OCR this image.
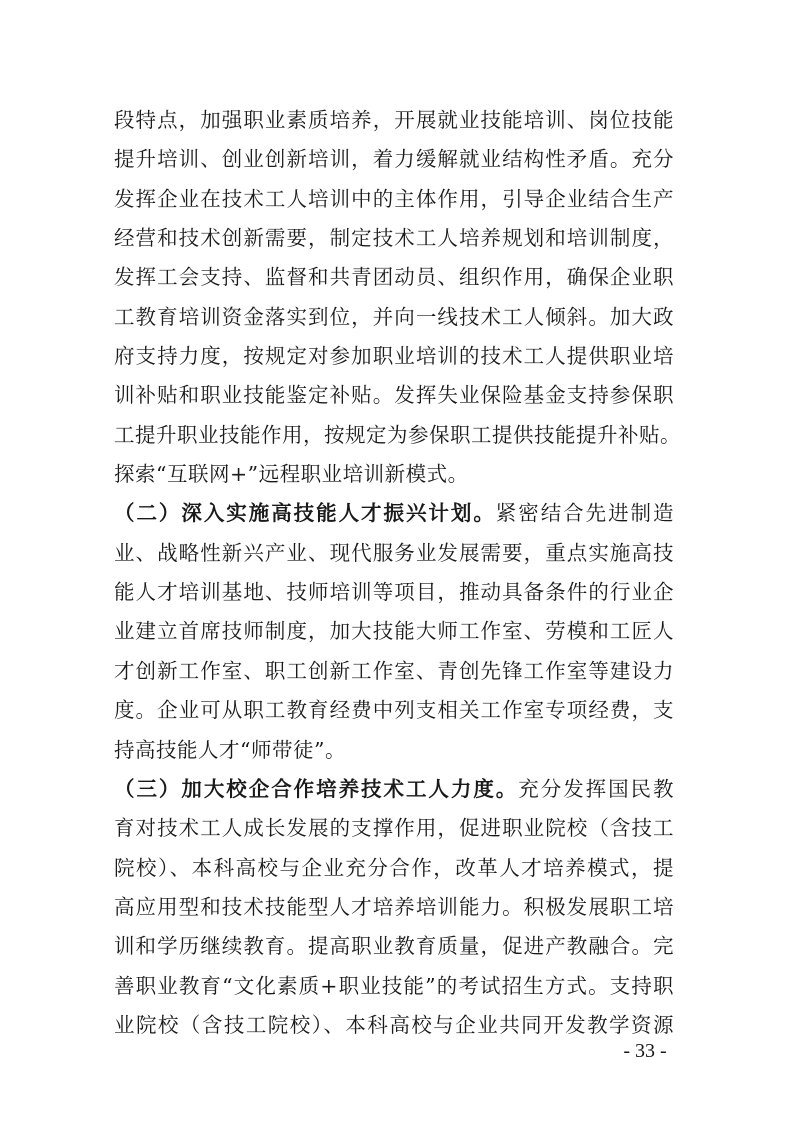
段特点，加强职业素质培养，开展就业技能培训、岗位技能
提升培训、创业创新培训，着力缓解就业结构性矛盾。充分
发挥企业在技术工人培训中的主体作用，引导企业结合生产
经营和技术创新需要，制定技术工人培养规划和培训制度，
发挥工会支持、监督和共青团动员、组织作用，确保企业职
工教育培训资金落实到位，并向一线技术工人倾斜。加大政
府支持力度，按规定对参加职业培训的技术工人提供职业培
训补贴和职业技能鉴定补贴。发挥失业保险基金支持参保职
工提升职业技能作用，按规定为参保职工提供技能提升补贴。
探索“互联网+”远程职业培训新模式。
（二）深入实施高技能人才振兴计划。紧密结合先进制造
业、战略性新兴产业、现代服务业发展需要，重点实施高技
能人才培训基地、技师培训等项目，推动具备条件的行业企
业建立首席技师制度，加大技能大师工作室、劳模和工匠人
才创新工作室、职工创新工作室、青创先锋工作室等建设力
度。企业可从职工教育经费中列支相关工作室专项经费，支
持高技能人才“师带徒”。
（三）加大校企合作培养技术工人力度。充分发挥国民教
育对技术工人成长发展的支撑作用，促进职业院校（含技工
院校）、本科高校与企业充分合作，改革人才培养模式，提
高应用型和技术技能型人才培养培训能力。积极发展职工培
训和学历继续教育。提高职业教育质量，促进产教融合。完
善职业教育“文化素质+职业技能”的考试招生方式。支持职
业院校（含技工院校）、本科高校与企业共同开发教学资源
- 33 -
